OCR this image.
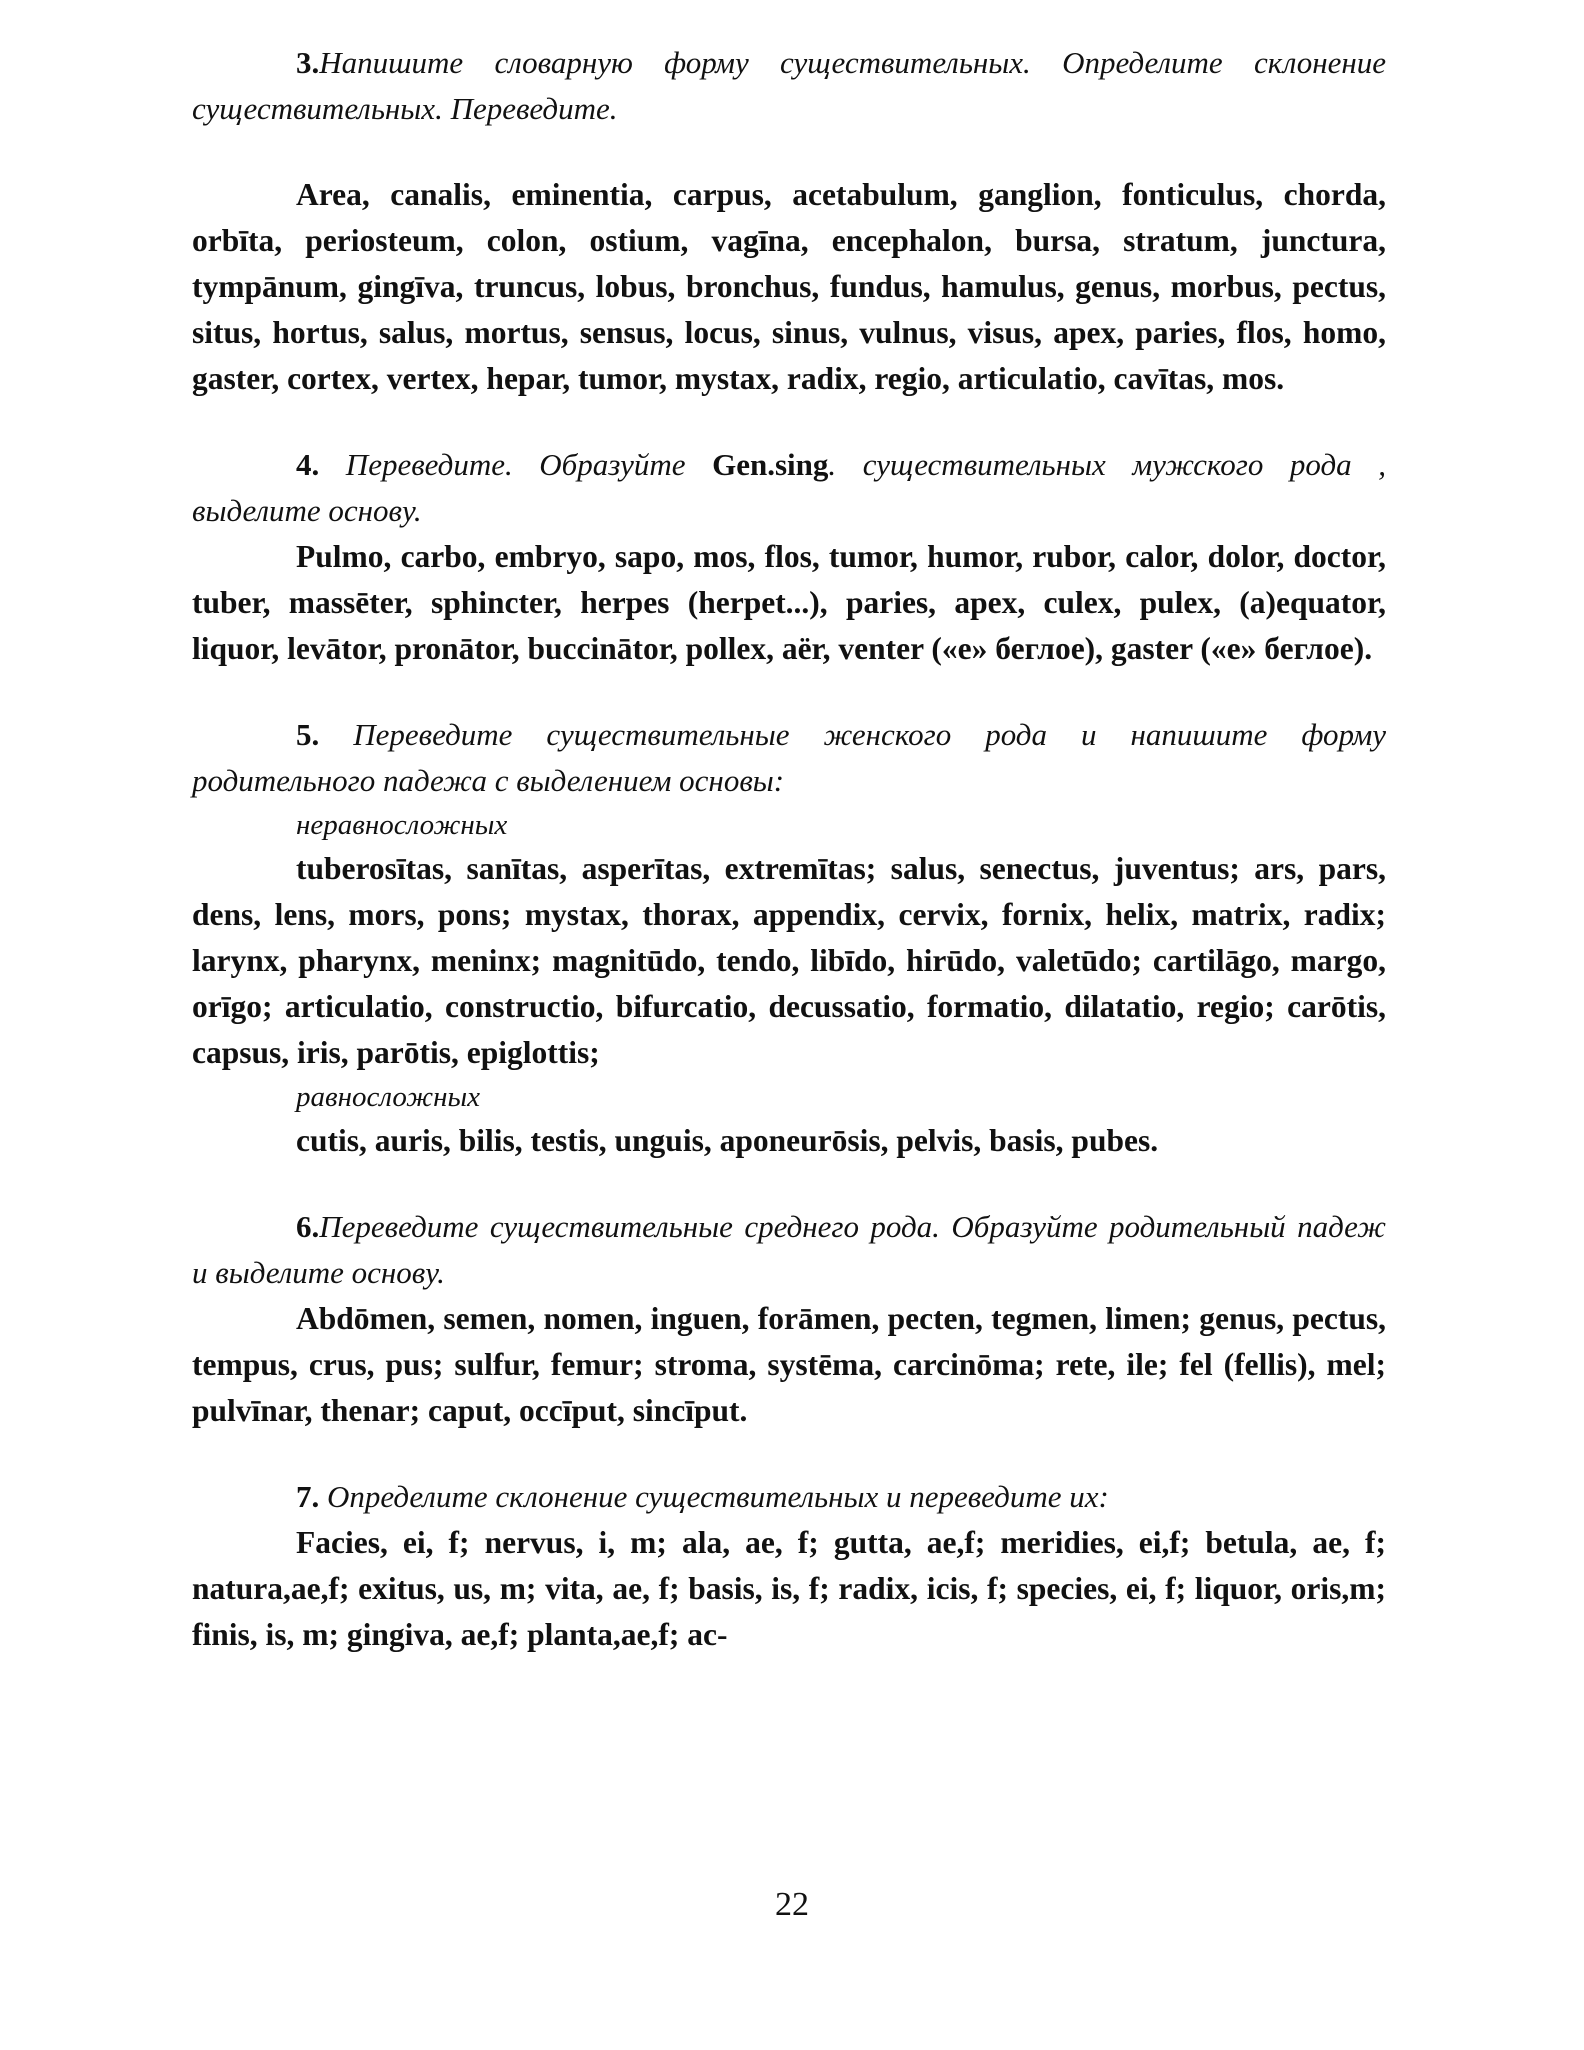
3.Напишите словарную форму существительных. Определите склонение существительных. Переведите.

Area, canalis, eminentia, carpus, acetabulum, ganglion, fonticulus, chorda, orbīta, periosteum, colon, ostium, vagīna, encephalon, bursa, stratum, junctura, tympānum, gingīva, truncus, lobus, bronchus, fundus, hamulus, genus, morbus, pectus, situs, hortus, salus, mortus, sensus, locus, sinus, vulnus, visus, apex, paries, flos, homo, gaster, cortex, vertex, hepar, tumor, mystax, radix, regio, articulatio, cavītas, mos.

4. Переведите. Образуйте Gen.sing. существительных мужского рода , выделите основу.

Pulmo, carbo, embryo, sapo, mos, flos, tumor, humor, rubor, calor, dolor, doctor, tuber, massēter, sphincter, herpes (herpet...), paries, apex, culex, pulex, (a)equator, liquor, levātor, pronātor, buccinātor, pollex, aёr, venter («е» беглое), gaster («е» беглое).

5. Переведите существительные женского рода и напишите форму родительного падежа с выделением основы:

неравносложных

tuberosītas, sanītas, asperītas, extremītas; salus, senectus, juventus; ars, pars, dens, lens, mors, pons; mystax, thorax, appendix, cervix, fornix, helix, matrix, radix; larynx, pharynx, meninx; magnitūdo, tendo, libīdo, hirūdo, valetūdo; cartilāgo, margo, orīgo; articulatio, constructio, bifurcatio, decussatio, formatio, dilatatio, regio; carōtis, capsus, iris, parōtis, epiglottis;

равносложных

cutis, auris, bilis, testis, unguis, aponeurōsis, pelvis, basis, pubes.

6.Переведите существительные среднего рода. Образуйте родительный падеж и выделите основу.

Abdōmen, semen, nomen, inguen, forāmen, pecten, tegmen, limen; genus, pectus, tempus, crus, pus; sulfur, femur; stroma, systēma, carcinōma; rete, ile; fel (fellis), mel; pulvīnar, thenar; caput, occīput, sincīput.

7. Определите склонение существительных и переведите их:

Facies, ei, f; nervus, i, m; ala, ae, f; gutta, ae,f; meridies, ei,f; betula, ae, f; natura,ae,f; exitus, us, m; vita, ae, f; basis, is, f; radix, icis, f; species, ei, f; liquor, oris,m; finis, is, m; gingiva, ae,f; planta,ae,f; ac-

22
